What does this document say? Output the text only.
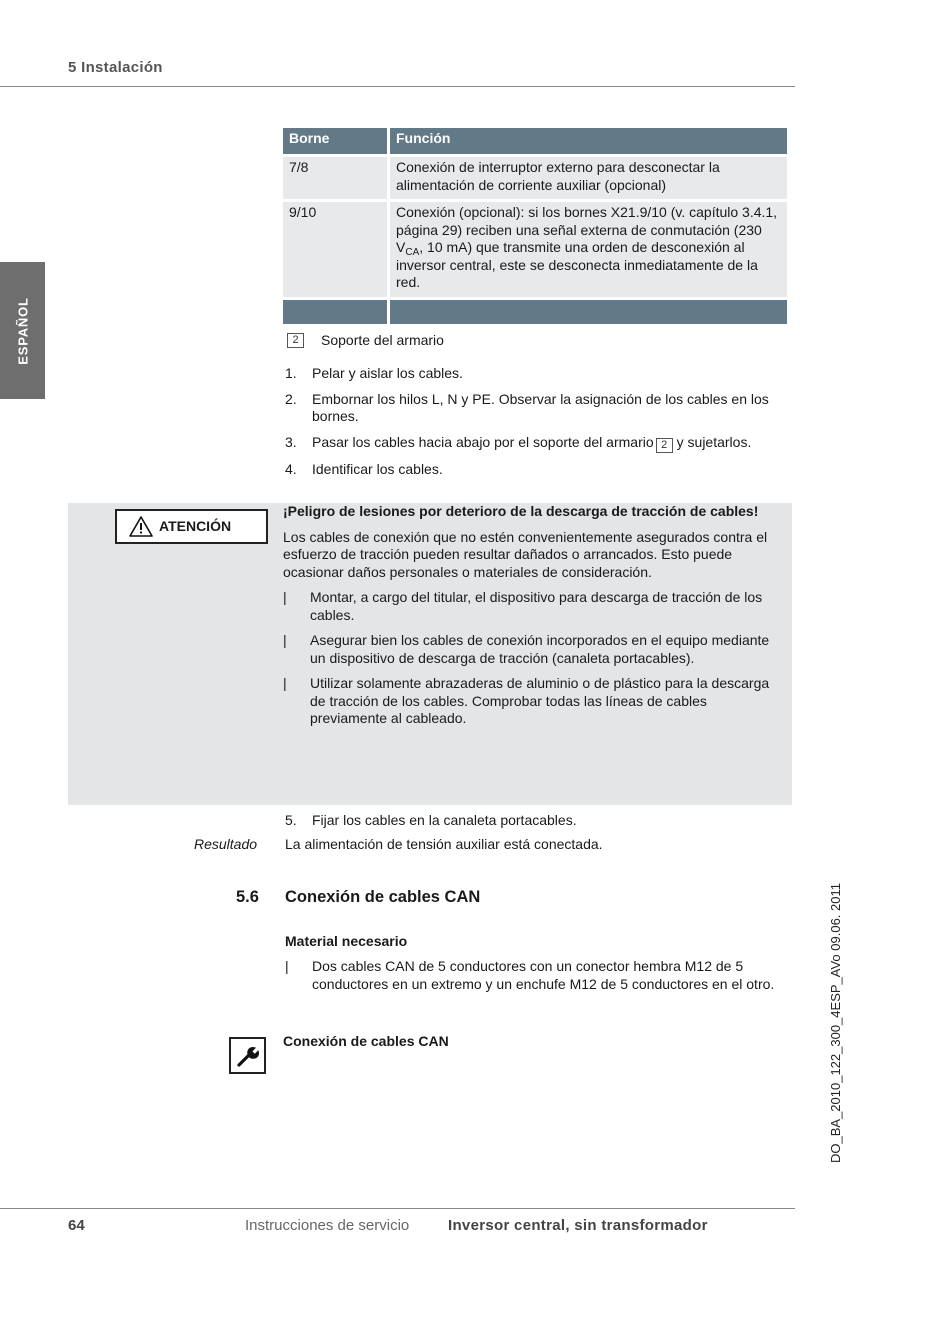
5 Instalación
ESPAÑOL
Borne	Función
7/8	Conexión de interruptor externo para desconectar la alimentación de corriente auxiliar (opcional)
9/10	Conexión (opcional): si los bornes X21.9/10 (v. capítulo 3.4.1, página 29) reciben una señal externa de conmutación (230 $V_{CA}$, 10 mA) que transmite una orden de desconexión al inversor central, este se desconecta inmediatamente de la red.

2	Soporte del armario
1.	Pelar y aislar los cables.
2.	Embornar los hilos L, N y PE. Observar la asignación de los cables en los bornes.
3.	Pasar los cables hacia abajo por el soporte del armario 2 y sujetarlos.
4.	Identificar los cables.
ATENCIÓN
¡Peligro de lesiones por deterioro de la descarga de tracción de cables!
Los cables de conexión que no estén convenientemente asegurados contra el esfuerzo de tracción pueden resultar dañados o arrancados. Esto puede ocasionar daños personales o materiales de consideración.
|	Montar, a cargo del titular, el dispositivo para descarga de tracción de los cables.
|	Asegurar bien los cables de conexión incorporados en el equipo mediante un dispositivo de descarga de tracción (canaleta portacables).
|	Utilizar solamente abrazaderas de aluminio o de plástico para la descarga de tracción de los cables. Comprobar todas las líneas de cables previamente al cableado.
5.	Fijar los cables en la canaleta portacables.
Resultado La alimentación de tensión auxiliar está conectada.
5.6 Conexión de cables CAN
Material necesario
|	Dos cables CAN de 5 conductores con un conector hembra M12 de 5 conductores en un extremo y un enchufe M12 de 5 conductores en el otro.
Conexión de cables CAN	DO_BA_2010_122_300_4ESP_AVo 09.06. 2011
64	Instrucciones de servicio	Inversor central, sin transformador
